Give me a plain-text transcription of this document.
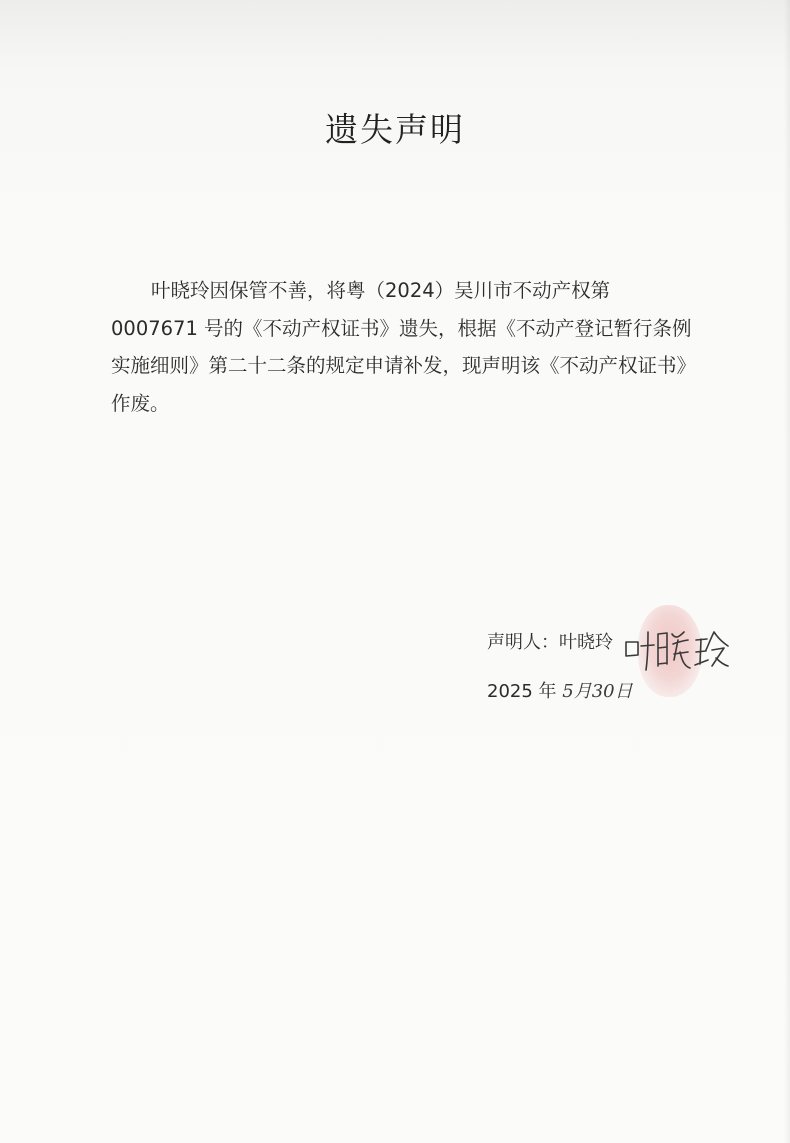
遗失声明
叶晓玲因保管不善，将粤（2024）吴川市不动产权第
0007671 号的《不动产权证书》遗失，根据《不动产登记暂行条例
实施细则》第二十二条的规定申请补发，现声明该《不动产权证书》
作废。
声明人：叶晓玲
2025 年 5月30日
